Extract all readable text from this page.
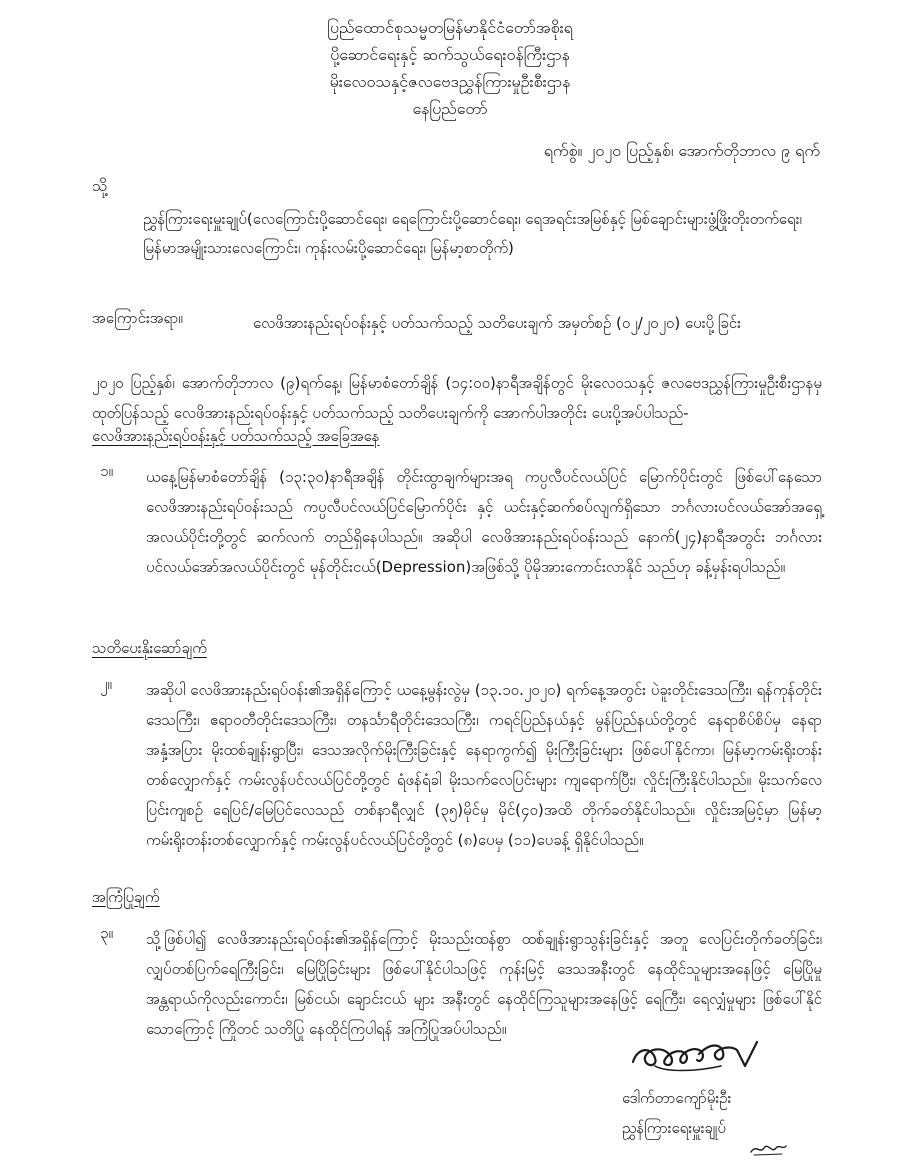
ပြည်ထောင်စုသမ္မတမြန်မာနိုင်ငံတော်အစိုးရ
ပို့ဆောင်ရေးနှင့် ဆက်သွယ်ရေးဝန်ကြီးဌာန
မိုးလေဝသနှင့်ဇလဗေဒညွှန်ကြားမှုဦးစီးဌာန
နေပြည်တော်
ရက်စွဲ။ ၂၀၂၀ ပြည့်နှစ်၊ အောက်တိုဘာလ ၉ ရက်
သို့
ညွှန်ကြားရေးမှူးချုပ်(လေကြောင်းပို့ဆောင်ရေး၊ ရေကြောင်းပို့ဆောင်ရေး၊ ရေအရင်းအမြစ်နှင့် မြစ်ချောင်းများဖွံ့ဖြိုးတိုးတက်ရေး၊ မြန်မာအမျိုးသားလေကြောင်း၊ ကုန်းလမ်းပို့ဆောင်ရေး၊ မြန်မာ့စာတိုက်)
အကြောင်းအရာ။	လေဖိအားနည်းရပ်ဝန်းနှင့် ပတ်သက်သည့် သတိပေးချက် အမှတ်စဉ် (၀၂/၂၀၂၀) ပေးပို့ခြင်း
၂၀၂၀ ပြည့်နှစ်၊ အောက်တိုဘာလ (၉)ရက်နေ့၊ မြန်မာစံတော်ချိန် (၁၄:၀၀)နာရီအချိန်တွင် မိုးလေဝသနှင့် ဇလဗေဒညွှန်ကြားမှုဦးစီးဌာနမှ ထုတ်ပြန်သည့် လေဖိအားနည်းရပ်ဝန်းနှင့် ပတ်သက်သည့် သတိပေးချက်ကို အောက်ပါအတိုင်း ပေးပို့အပ်ပါသည်-
လေဖိအားနည်းရပ်ဝန်းနှင့် ပတ်သက်သည့် အခြေအနေ
၁။ ယနေ့မြန်မာစံတော်ချိန် (၁၃:၃၀)နာရီအချိန် တိုင်းထွာချက်များအရ ကပ္ပလီပင်လယ်ပြင် မြောက်ပိုင်းတွင် ဖြစ်ပေါ်နေသော လေဖိအားနည်းရပ်ဝန်းသည် ကပ္ပလီပင်လယ်ပြင်မြောက်ပိုင်း နှင့် ယင်းနှင့်ဆက်စပ်လျက်ရှိသော ဘင်္ဂလားပင်လယ်အော်အရှေ့အလယ်ပိုင်းတို့တွင် ဆက်လက် တည်ရှိနေပါသည်။ အဆိုပါ လေဖိအားနည်းရပ်ဝန်းသည် နောက်(၂၄)နာရီအတွင်း ဘင်္ဂလား ပင်လယ်အော်အလယ်ပိုင်းတွင် မုန်တိုင်းငယ်(Depression)အဖြစ်သို့ ပိုမိုအားကောင်းလာနိုင် သည်ဟု ခန့်မှန်းရပါသည်။
သတိပေးနိုးဆော်ချက်
၂။ အဆိုပါ လေဖိအားနည်းရပ်ဝန်း၏အရှိန်ကြောင့် ယနေ့မွန်းလွဲမှ (၁၃.၁၀.၂၀၂၀) ရက်နေ့အတွင်း ပဲခူးတိုင်းဒေသကြီး၊ ရန်ကုန်တိုင်းဒေသကြီး၊ ဧရာဝတီတိုင်းဒေသကြီး၊ တနင်္သာရီတိုင်းဒေသကြီး၊ ကရင်ပြည်နယ်နှင့် မွန်ပြည်နယ်တို့တွင် နေရာစိပ်စိပ်မှ နေရာအနှံ့အပြား မိုးထစ်ချုန်းရွာပြီး၊ ဒေသအလိုက်မိုးကြီးခြင်းနှင့် နေရာကွက်၍ မိုးကြီးခြင်းများ ဖြစ်ပေါ်နိုင်ကာ၊ မြန်မာ့ကမ်းရိုးတန်း တစ်လျှောက်နှင့် ကမ်းလွန်ပင်လယ်ပြင်တို့တွင် ရံဖန်ရံခါ မိုးသက်လေပြင်းများ ကျရောက်ပြီး၊ လှိုင်းကြီးနိုင်ပါသည်။ မိုးသက်လေပြင်းကျစဉ် ရေပြင်/မြေပြင်လေသည် တစ်နာရီလျှင် (၃၅)မိုင်မှ မိုင်(၄၀)အထိ တိုက်ခတ်နိုင်ပါသည်။ လှိုင်းအမြင့်မှာ မြန်မာ့ကမ်းရိုးတန်းတစ်လျှောက်နှင့် ကမ်းလွန်ပင်လယ်ပြင်တို့တွင် (၈)ပေမှ (၁၁)ပေခန့် ရှိနိုင်ပါသည်။
အကြံပြုချက်
၃။ သို့ဖြစ်ပါ၍ လေဖိအားနည်းရပ်ဝန်း၏အရှိန်ကြောင့် မိုးသည်းထန်စွာ ထစ်ချုန်းရွာသွန်းခြင်းနှင့် အတူ လေပြင်းတိုက်ခတ်ခြင်း၊ လျှပ်တစ်ပြက်ရေကြီးခြင်း၊ မြေပြိုခြင်းများ ဖြစ်ပေါ်နိုင်ပါသဖြင့် ကုန်းမြင့် ဒေသအနီးတွင် နေထိုင်သူများအနေဖြင့် မြေပြိုမှုအန္တရာယ်ကိုလည်းကောင်း၊ မြစ်ငယ်၊ ချောင်းငယ် များ အနီးတွင် နေထိုင်ကြသူများအနေဖြင့် ရေကြီး၊ ရေလျှံမှုများ ဖြစ်ပေါ်နိုင်သောကြောင့် ကြိုတင် သတိပြု နေထိုင်ကြပါရန် အကြံပြုအပ်ပါသည်။
ဒေါက်တာကျော်မိုးဦး
ညွှန်ကြားရေးမှူးချုပ်
